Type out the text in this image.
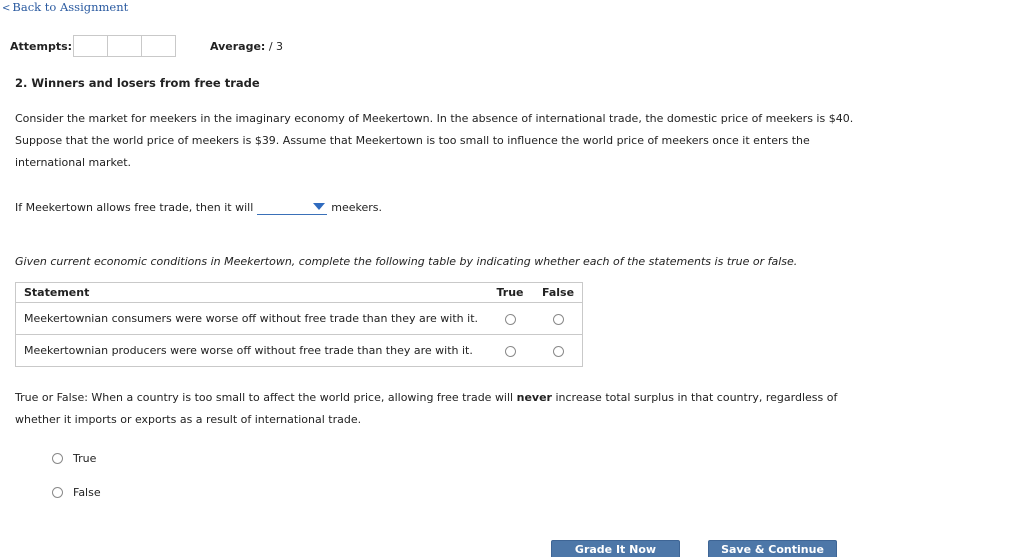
< Back to Assignment
Attempts:	Average: / 3
2. Winners and losers from free trade
Consider the market for meekers in the imaginary economy of Meekertown. In the absence of international trade, the domestic price of meekers is $40. Suppose that the world price of meekers is $39. Assume that Meekertown is too small to influence the world price of meekers once it enters the international market.
If Meekertown allows free trade, then it will	meekers.
Given current economic conditions in Meekertown, complete the following table by indicating whether each of the statements is true or false.
Statement	True	False
Meekertownian consumers were worse off without free trade than they are with it.		
Meekertownian producers were worse off without free trade than they are with it.		
True or False: When a country is too small to affect the world price, allowing free trade will never increase total surplus in that country, regardless of whether it imports or exports as a result of international trade.
True
False
Grade It Now	Save & Continue
